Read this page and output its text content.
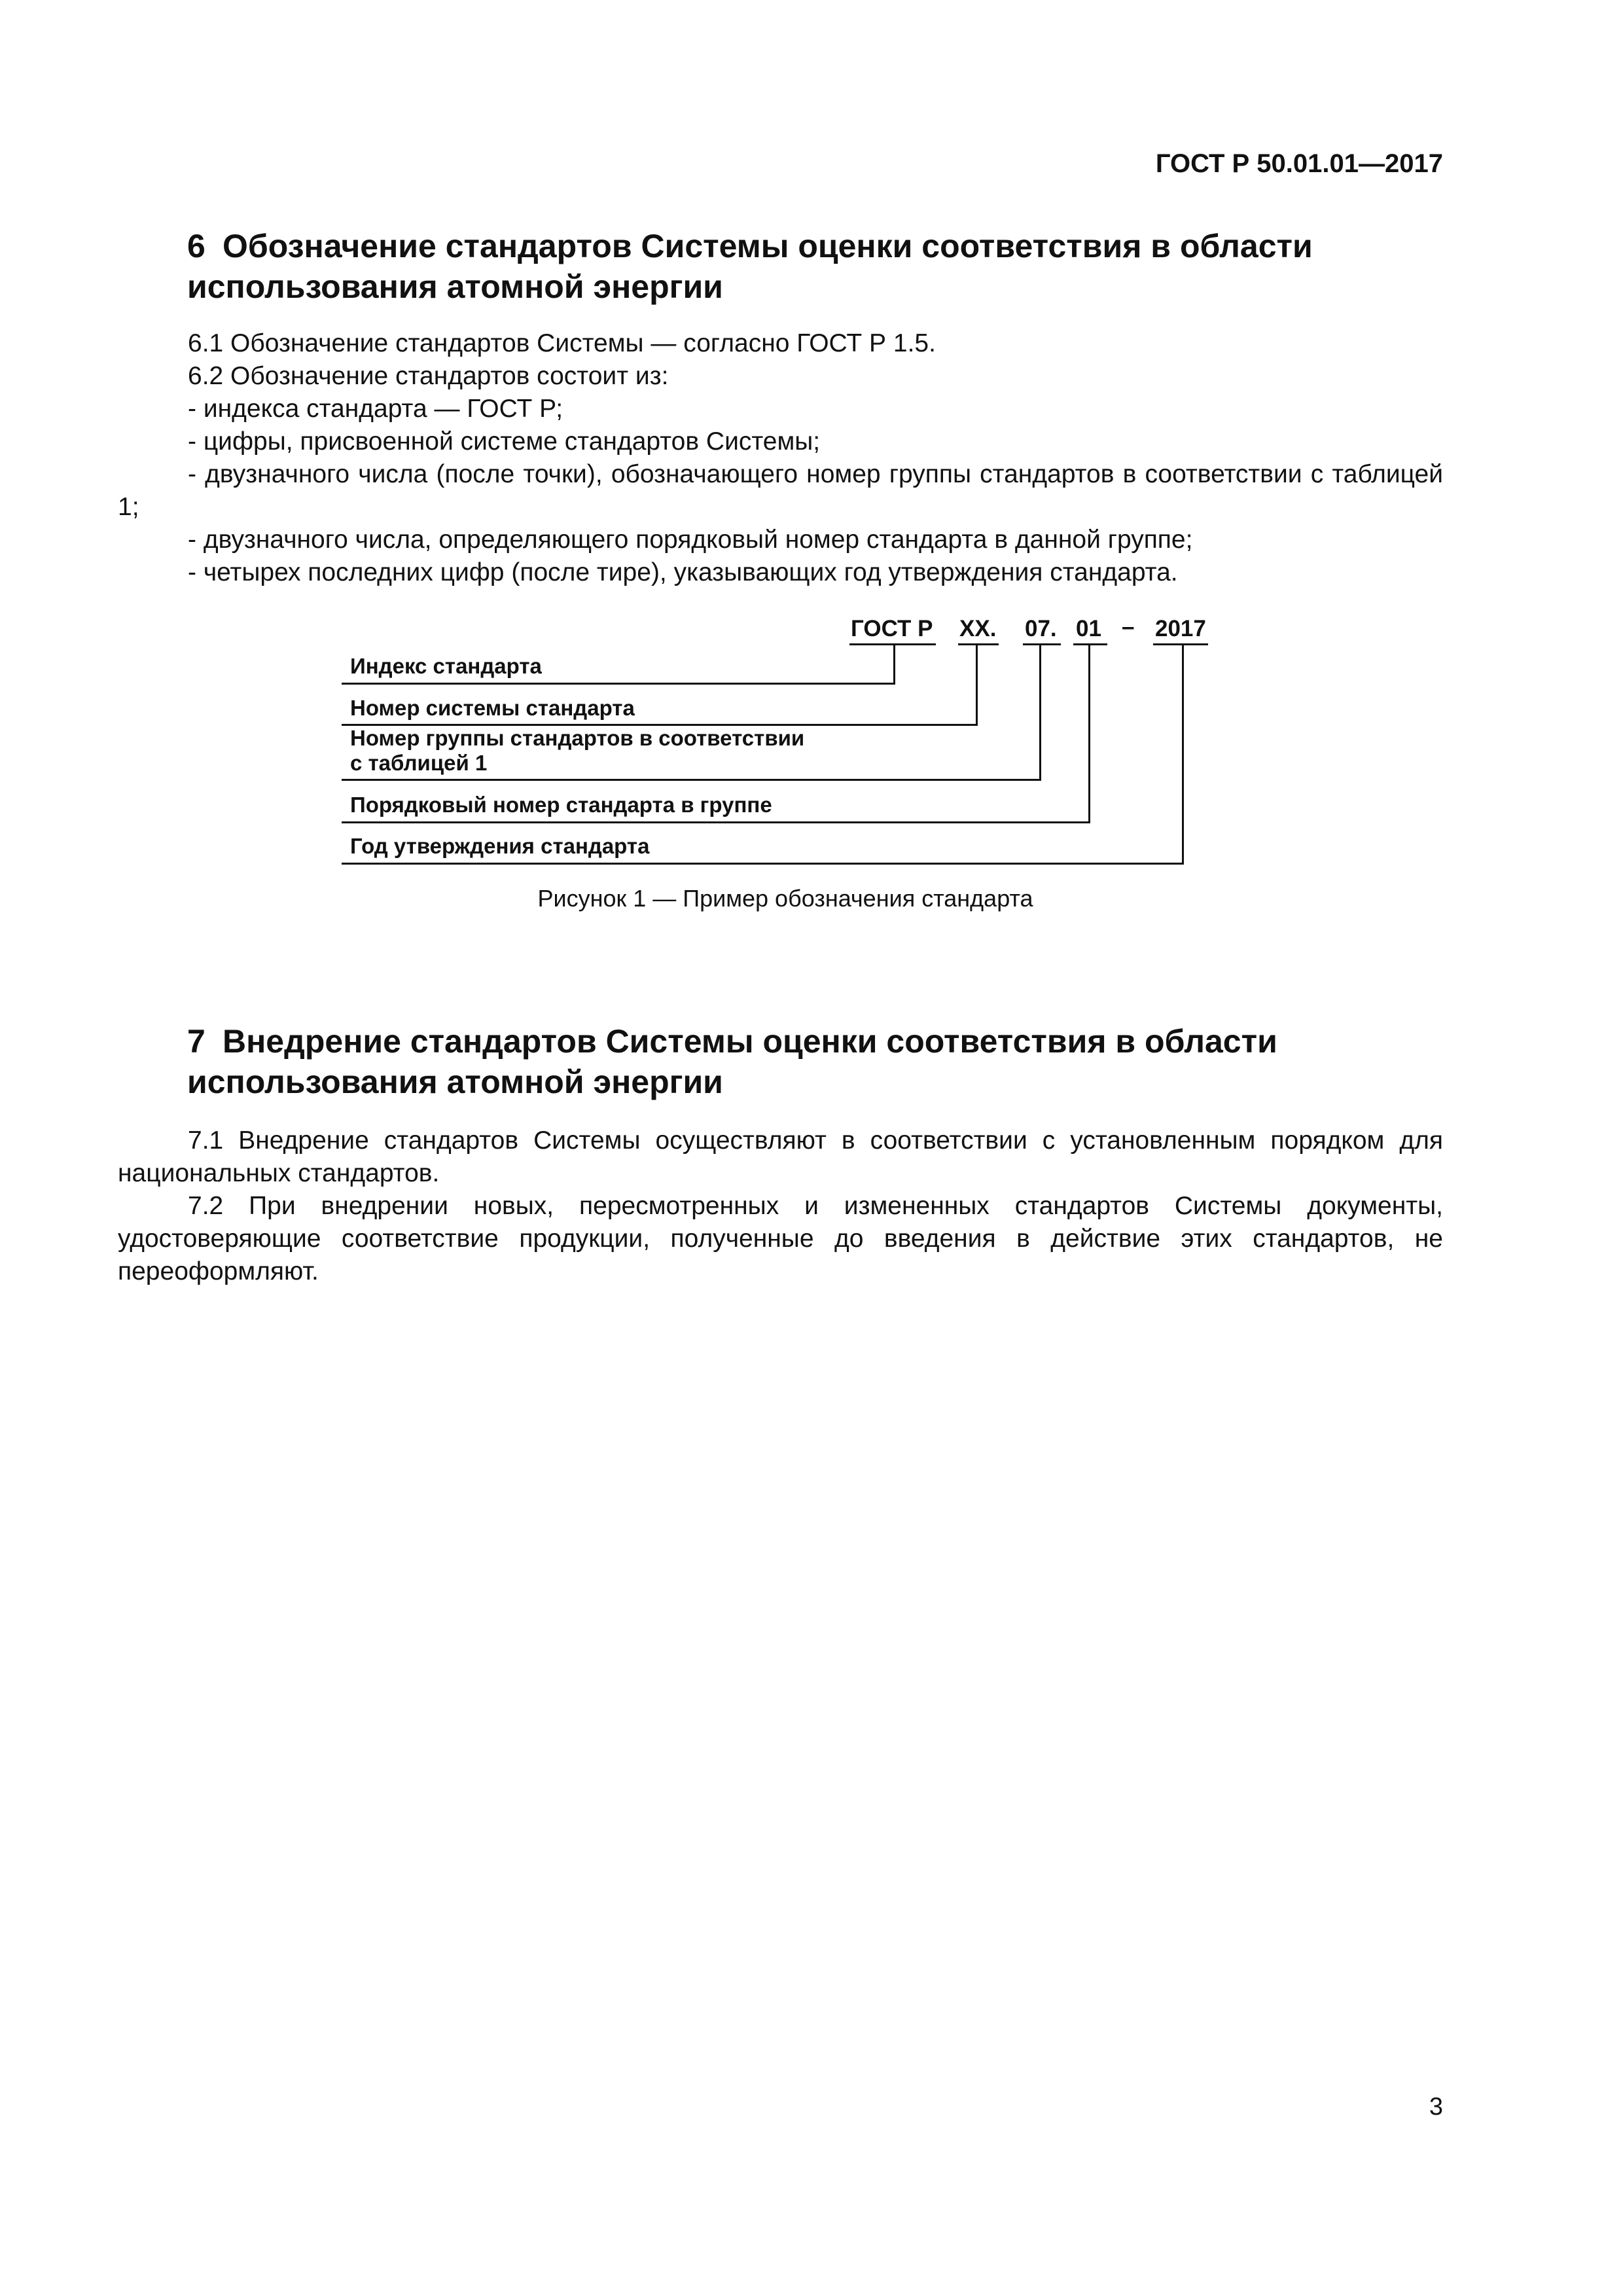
ГОСТ Р 50.01.01—2017
6 Обозначение стандартов Системы оценки соответствия в области
использования атомной энергии
6.1 Обозначение стандартов Системы — согласно ГОСТ Р 1.5.
6.2 Обозначение стандартов состоит из:
- индекса стандарта — ГОСТ Р;
- цифры, присвоенной системе стандартов Системы;
- двузначного числа (после точки), обозначающего номер группы стандартов в соответствии с таблицей 1;
- двузначного числа, определяющего порядковый номер стандарта в данной группе;
- четырех последних цифр (после тире), указывающих год утверждения стандарта.
ГОСТ Р XX. 07. 01 – 2017
Индекс стандарта
Номер системы стандарта
Номер группы стандартов в соответствии
с таблицей 1
Порядковый номер стандарта в группе
Год утверждения стандарта
Рисунок 1 — Пример обозначения стандарта
7 Внедрение стандартов Системы оценки соответствия в области
использования атомной энергии
7.1 Внедрение стандартов Системы осуществляют в соответствии с установленным порядком для национальных стандартов.
7.2 При внедрении новых, пересмотренных и измененных стандартов Системы документы, удостоверяющие соответствие продукции, полученные до введения в действие этих стандартов, не переоформляют.
3
